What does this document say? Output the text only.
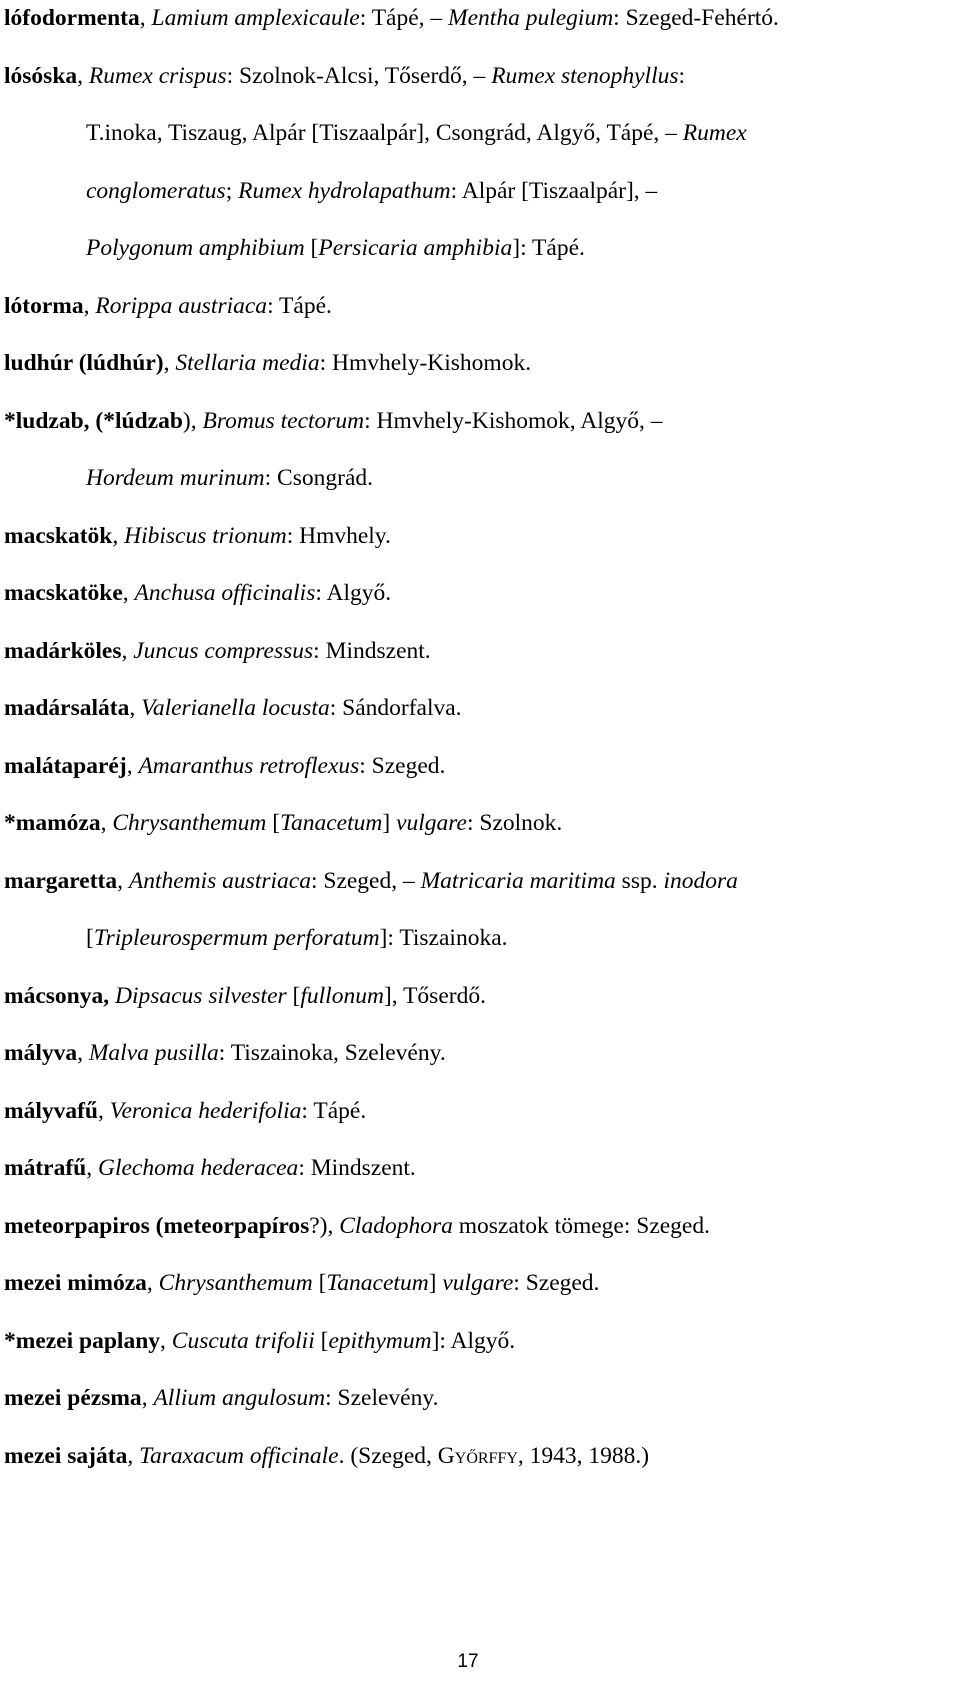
lófodormenta, Lamium amplexicaule: Tápé, – Mentha pulegium: Szeged-Fehértó.
lósóska, Rumex crispus: Szolnok-Alcsi, Tőserdő, – Rumex stenophyllus:
T.inoka, Tiszaug, Alpár [Tiszaalpár], Csongrád, Algyő, Tápé, – Rumex
conglomeratus; Rumex hydrolapathum: Alpár [Tiszaalpár], –
Polygonum amphibium [Persicaria amphibia]: Tápé.
lótorma, Rorippa austriaca: Tápé.
ludhúr (lúdhúr), Stellaria media: Hmvhely-Kishomok.
*ludzab, (*lúdzab), Bromus tectorum: Hmvhely-Kishomok, Algyő, –
Hordeum murinum: Csongrád.
macskatök, Hibiscus trionum: Hmvhely.
macskatöke, Anchusa officinalis: Algyő.
madárköles, Juncus compressus: Mindszent.
madársaláta, Valerianella locusta: Sándorfalva.
malátaparéj, Amaranthus retroflexus: Szeged.
*mamóza, Chrysanthemum [Tanacetum] vulgare: Szolnok.
margaretta, Anthemis austriaca: Szeged, – Matricaria maritima ssp. inodora
[Tripleurospermum perforatum]: Tiszainoka.
mácsonya, Dipsacus silvester [fullonum], Tőserdő.
mályva, Malva pusilla: Tiszainoka, Szelevény.
mályvafű, Veronica hederifolia: Tápé.
mátrafű, Glechoma hederacea: Mindszent.
meteorpapiros (meteorpapíros?), Cladophora moszatok tömege: Szeged.
mezei mimóza, Chrysanthemum [Tanacetum] vulgare: Szeged.
*mezei paplany, Cuscuta trifolii [epithymum]: Algyő.
mezei pézsma, Allium angulosum: Szelevény.
mezei sajáta, Taraxacum officinale. (Szeged, Győrffy, 1943, 1988.)
17
